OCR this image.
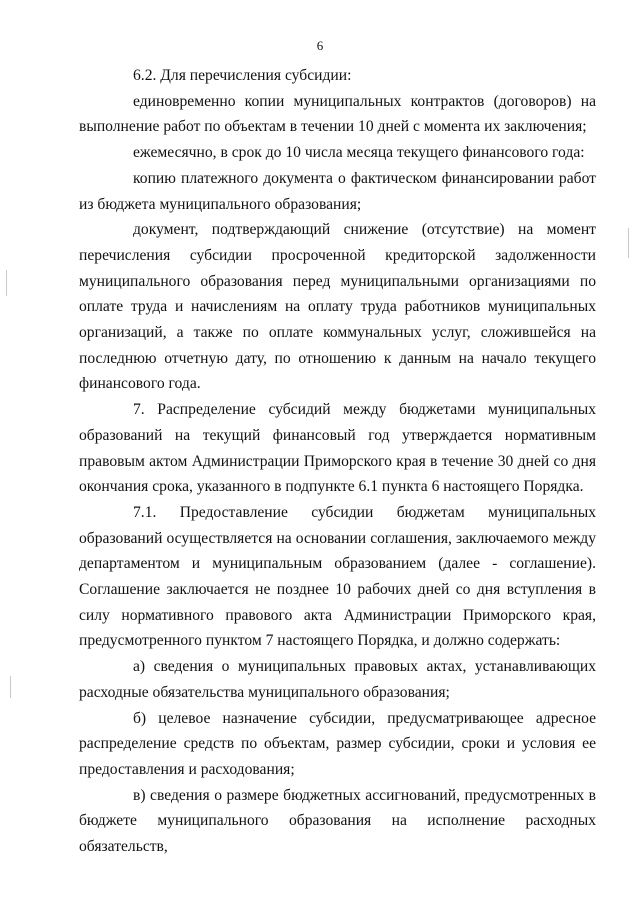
6

6.2. Для перечисления субсидии:

единовременно копии муниципальных контрактов (договоров) на выполнение работ по объектам в течении 10 дней с момента их заключения;

ежемесячно, в срок до 10 числа месяца текущего финансового года:

копию платежного документа о фактическом финансировании работ из бюджета муниципального образования;

документ, подтверждающий снижение (отсутствие) на момент перечисления субсидии просроченной кредиторской задолженности муниципального образования перед муниципальными организациями по оплате труда и начислениям на оплату труда работников муниципальных организаций, а также по оплате коммунальных услуг, сложившейся на последнюю отчетную дату, по отношению к данным на начало текущего финансового года.

7. Распределение субсидий между бюджетами муниципальных образований на текущий финансовый год утверждается нормативным правовым актом Администрации Приморского края в течение 30 дней со дня окончания срока, указанного в подпункте 6.1 пункта 6 настоящего Порядка.

7.1. Предоставление субсидии бюджетам муниципальных образований осуществляется на основании соглашения, заключаемого между департаментом и муниципальным образованием (далее - соглашение). Соглашение заключается не позднее 10 рабочих дней со дня вступления в силу нормативного правового акта Администрации Приморского края, предусмотренного пунктом 7 настоящего Порядка, и должно содержать:

а) сведения о муниципальных правовых актах, устанавливающих расходные обязательства муниципального образования;

б) целевое назначение субсидии, предусматривающее адресное распределение средств по объектам, размер субсидии, сроки и условия ее предоставления и расходования;

в) сведения о размере бюджетных ассигнований, предусмотренных в бюджете муниципального образования на исполнение расходных обязательств,
